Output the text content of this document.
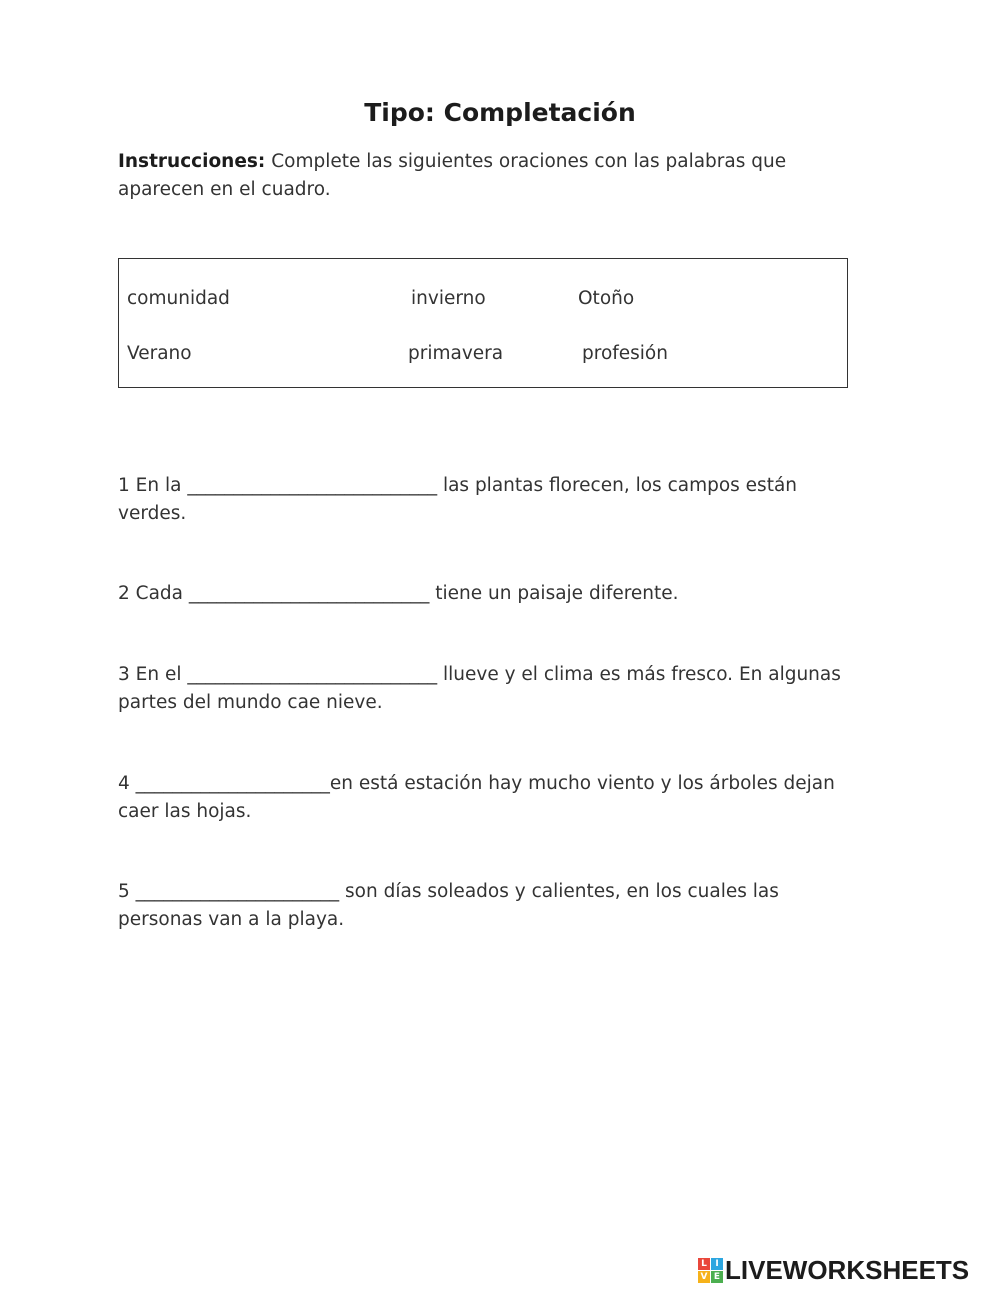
Tipo: Completación
Instrucciones: Complete las siguientes oraciones con las palabras que aparecen en el cuadro.
comunidad	invierno	Otoño
Verano	primavera	profesión
1 En la ___________________________ las plantas florecen, los campos están verdes.
2 Cada __________________________ tiene un paisaje diferente.
3 En el ___________________________ llueve y el clima es más fresco. En algunas partes del mundo cae nieve.
4 _____________________en está estación hay mucho viento y los árboles dejan caer las hojas.
5 ______________________ son días soleados y calientes, en los cuales las personas van a la playa.
L I
V E LIVEWORKSHEETS
